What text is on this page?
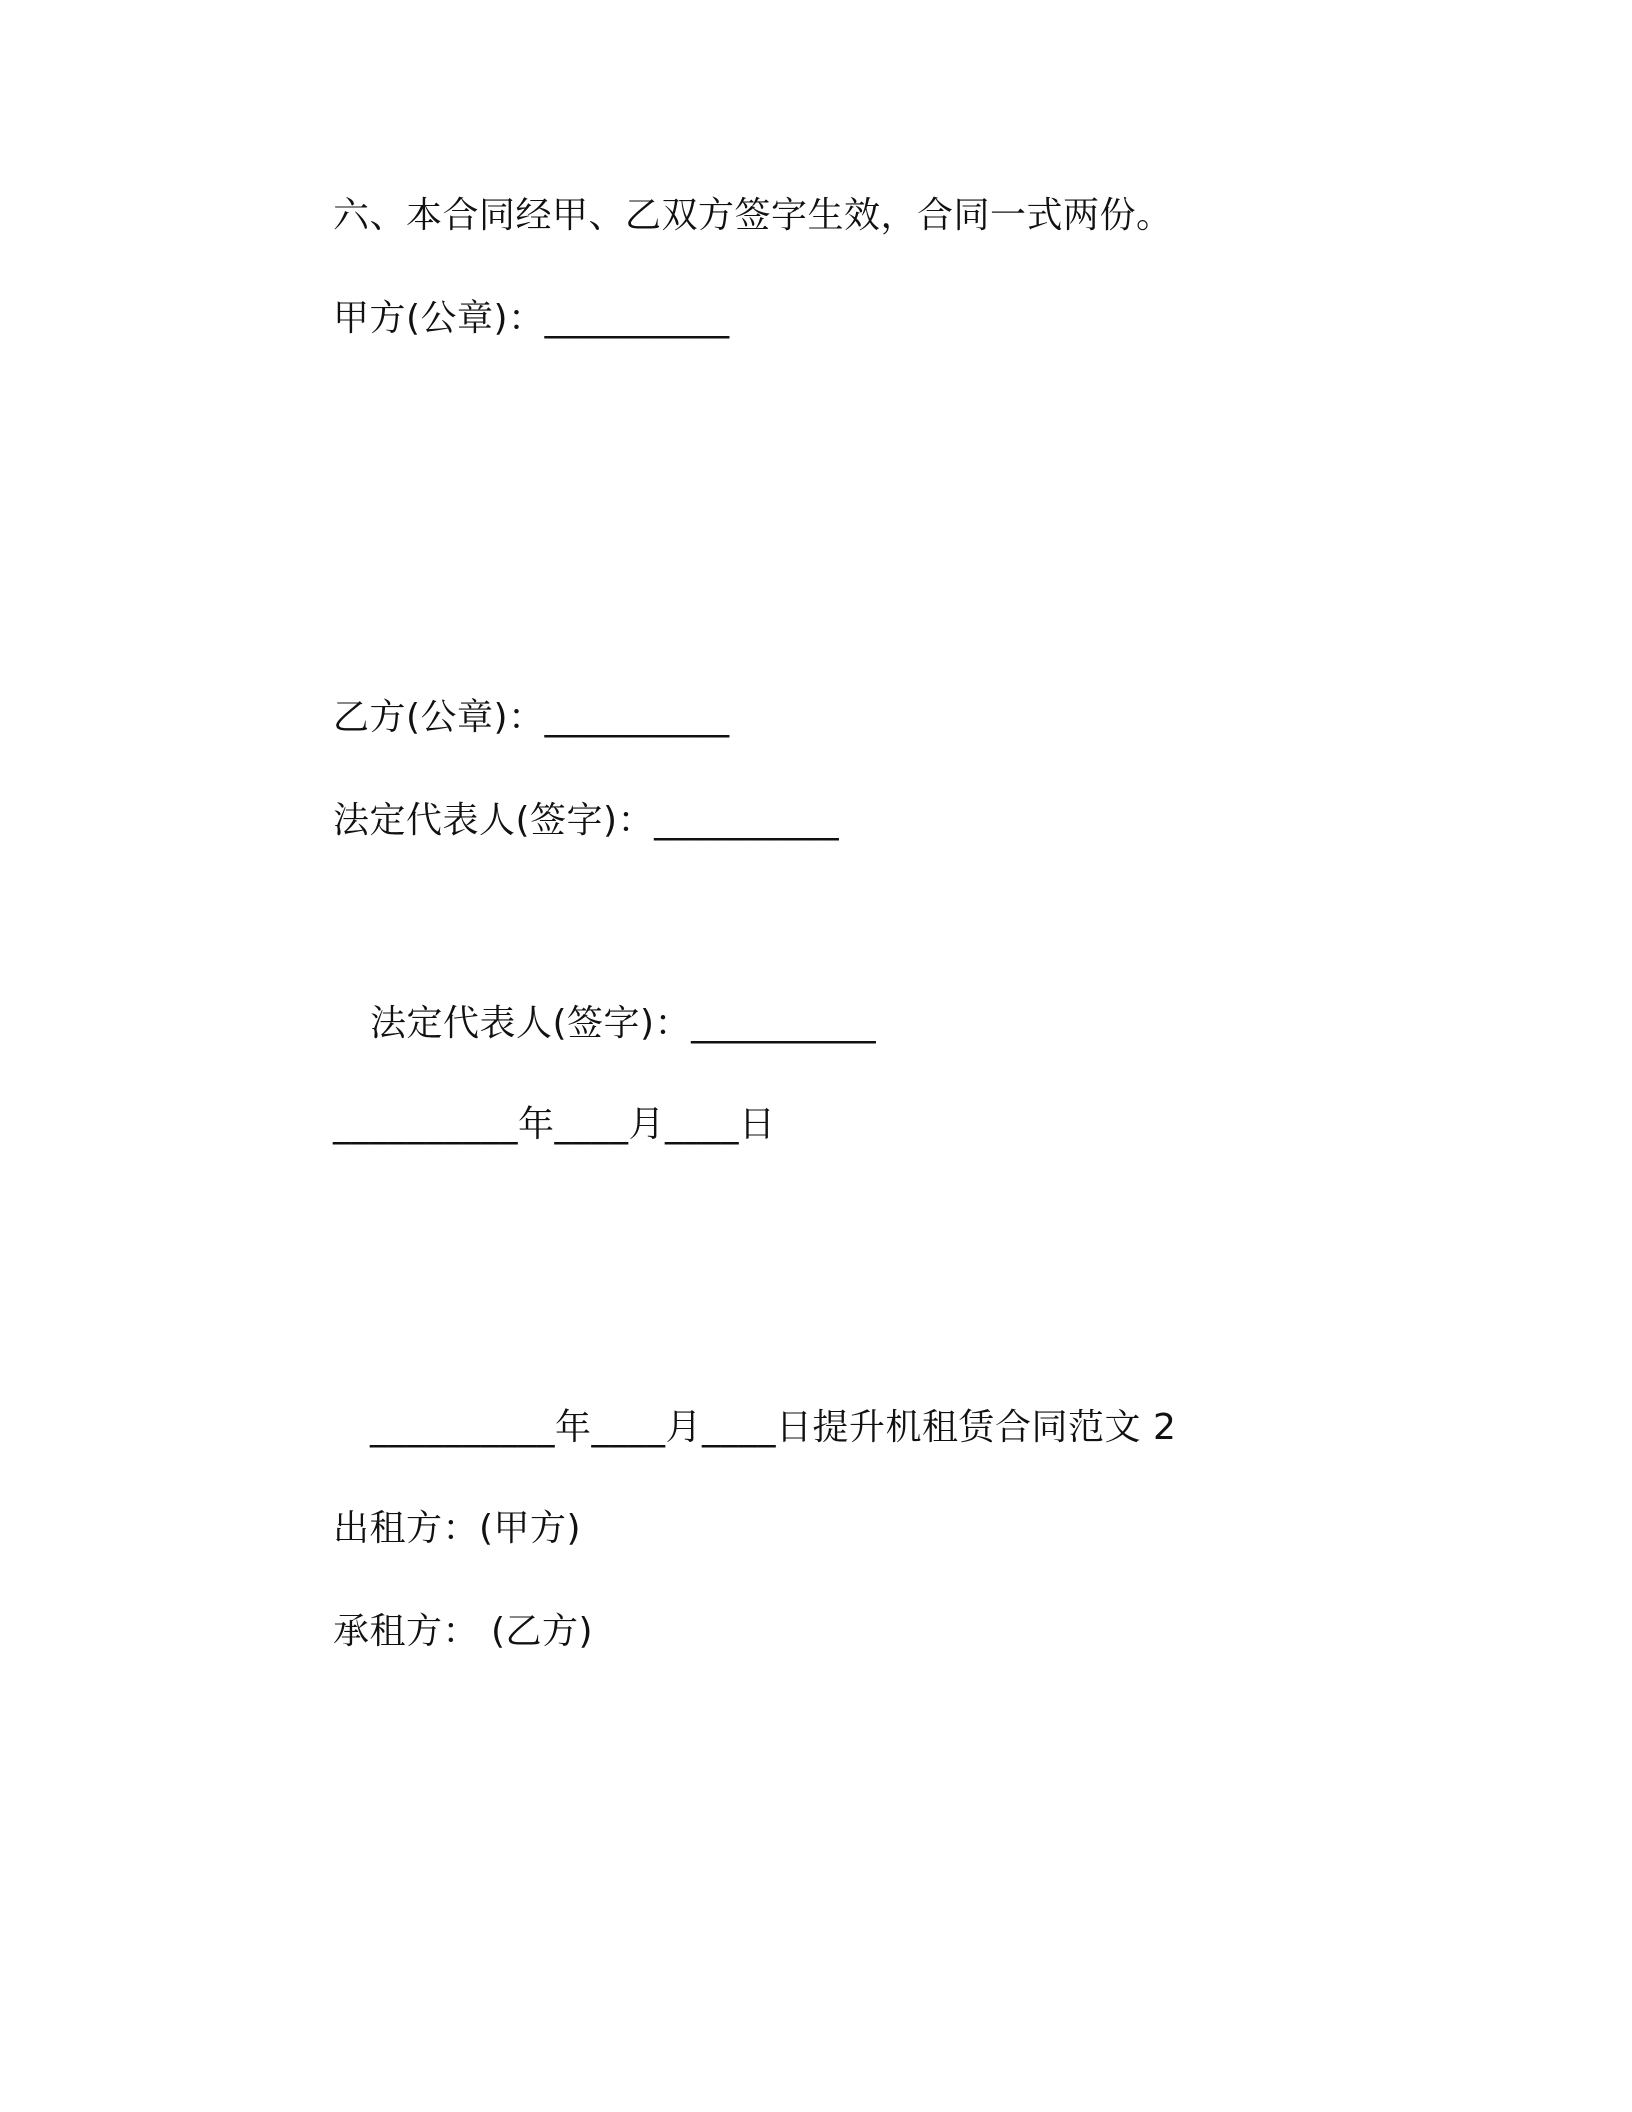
六、本合同经甲、乙双方签字生效，合同一式两份。
甲方(公章)：__________
乙方(公章)：__________
法定代表人(签字)：__________
法定代表人(签字)：__________
__________年____月____日
__________年____月____日提升机租赁合同范文 2
出租方：(甲方)
承租方： (乙方)
